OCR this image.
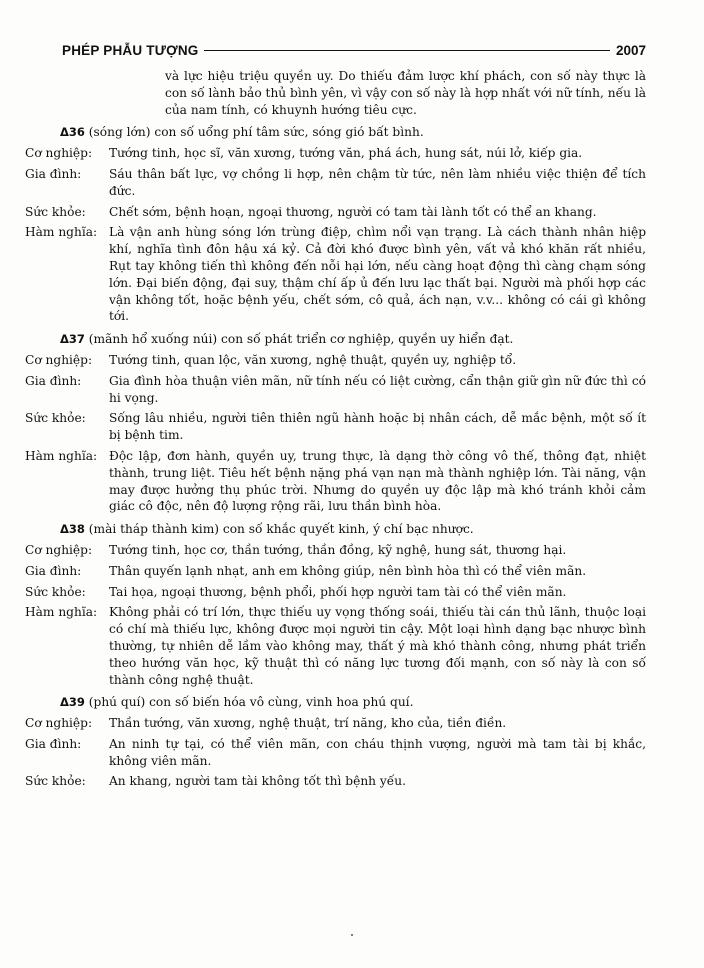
PHÉP PHẪU TƯỢNG	2007
và lực hiệu triệu quyền uy. Do thiếu đảm lược khí phách, con số này thực là con số lành bảo thủ bình yên, vì vậy con số này là hợp nhất với nữ tính, nếu là của nam tính, có khuynh hướng tiêu cực.
Δ36 (sóng lớn) con số uổng phí tâm sức, sóng gió bất bình.
Cơ nghiệp:	Tướng tinh, học sĩ, văn xương, tướng văn, phá ách, hung sát, núi lở, kiếp gia.
Gia đình:	Sáu thân bất lực, vợ chồng li hợp, nên chậm từ tức, nên làm nhiều việc thiện để tích đức.
Sức khỏe:	Chết sớm, bệnh hoạn, ngoại thương, người có tam tài lành tốt có thể an khang.
Hàm nghĩa: Là vận anh hùng sóng lớn trùng điệp, chìm nổi vạn trạng. Là cách thành nhân hiệp khí, nghĩa tình đôn hậu xá kỷ. Cả đời khó được bình yên, vất vả khó khăn rất nhiều, Rụt tay không tiến thì không đến nỗi hại lớn, nếu càng hoạt động thì càng chạm sóng lớn. Đại biến động, đại suy, thậm chí ấp ủ đến lưu lạc thất bại. Người mà phối hợp các vận không tốt, hoặc bệnh yếu, chết sớm, cô quả, ách nạn, v.v... không có cái gì không tới.
Δ37 (mãnh hổ xuống núi) con số phát triển cơ nghiệp, quyền uy hiển đạt.
Cơ nghiệp:	Tướng tinh, quan lộc, văn xương, nghệ thuật, quyền uy, nghiệp tổ.
Gia đình:	Gia đình hòa thuận viên mãn, nữ tính nếu có liệt cường, cẩn thận giữ gìn nữ đức thì có hi vọng.
Sức khỏe:	Sống lâu nhiều, người tiên thiên ngũ hành hoặc bị nhân cách, dễ mắc bệnh, một số ít bị bệnh tim.
Hàm nghĩa: Độc lập, đơn hành, quyền uy, trung thực, là dạng thờ công vô thế, thông đạt, nhiệt thành, trung liệt. Tiêu hết bệnh nặng phá vạn nạn mà thành nghiệp lớn. Tài năng, vận may được hưởng thụ phúc trời. Nhưng do quyền uy độc lập mà khó tránh khỏi cảm giác cô độc, nên độ lượng rộng rãi, lưu thần bình hòa.
Δ38 (mài tháp thành kim) con số khắc quyết kinh, ý chí bạc nhược.
Cơ nghiệp:	Tướng tinh, học cơ, thần tướng, thần đồng, kỹ nghệ, hung sát, thương hại.
Gia đình:	Thân quyến lạnh nhạt, anh em không giúp, nên bình hòa thì có thể viên mãn.
Sức khỏe:	Tai họa, ngoại thương, bệnh phổi, phối hợp người tam tài có thể viên mãn.
Hàm nghĩa: Không phải có trí lớn, thực thiếu uy vọng thống soái, thiếu tài cán thủ lãnh, thuộc loại có chí mà thiếu lực, không được mọi người tin cậy. Một loại hình dạng bạc nhược bình thường, tự nhiên dễ lầm vào không may, thất ý mà khó thành công, nhưng phát triển theo hướng văn học, kỹ thuật thì có năng lực tương đối mạnh, con số này là con số thành công nghệ thuật.
Δ39 (phú quí) con số biến hóa vô cùng, vinh hoa phú quí.
Cơ nghiệp:	Thần tướng, văn xương, nghệ thuật, trí năng, kho của, tiền điền.
Gia đình:	An ninh tự tại, có thể viên mãn, con cháu thịnh vượng, người mà tam tài bị khắc, không viên mãn.
Sức khỏe:	An khang, người tam tài không tốt thì bệnh yếu.
